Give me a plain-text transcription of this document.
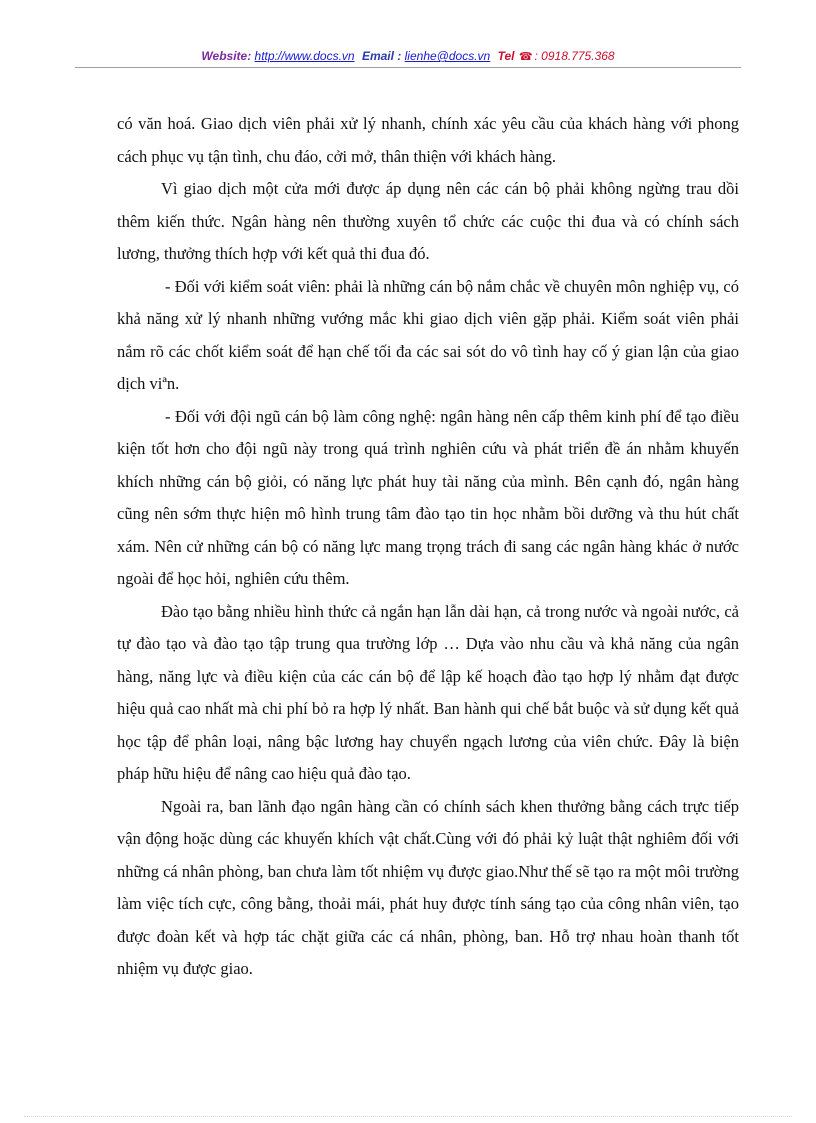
Website: http://www.docs.vn Email : lienhe@docs.vn Tel ☎ : 0918.775.368

có văn hoá. Giao dịch viên phải xử lý nhanh, chính xác yêu cầu của khách hàng với phong cách phục vụ tận tình, chu đáo, cởi mở, thân thiện với khách hàng.

Vì giao dịch một cửa mới được áp dụng nên các cán bộ phải không ngừng trau dồi thêm kiến thức. Ngân hàng nên thường xuyên tổ chức các cuộc thi đua và có chính sách lương, thưởng thích hợp với kết quả thi đua đó.

- Đối với kiểm soát viên: phải là những cán bộ nắm chắc về chuyên môn nghiệp vụ, có khả năng xử lý nhanh những vướng mắc khi giao dịch viên gặp phải. Kiểm soát viên phải nắm rõ các chốt kiểm soát để hạn chế tối đa các sai sót do vô tình hay cố ý gian lận của giao dịch viªn.

- Đối với đội ngũ cán bộ làm công nghệ: ngân hàng nên cấp thêm kinh phí để tạo điều kiện tốt hơn cho đội ngũ này trong quá trình nghiên cứu và phát triển đề án nhằm khuyến khích những cán bộ giỏi, có năng lực phát huy tài năng của mình. Bên cạnh đó, ngân hàng cũng nên sớm thực hiện mô hình trung tâm đào tạo tin học nhằm bồi dưỡng và thu hút chất xám. Nên cử những cán bộ có năng lực mang trọng trách đi sang các ngân hàng khác ở nước ngoài để học hỏi, nghiên cứu thêm.

Đào tạo bằng nhiều hình thức cả ngắn hạn lẫn dài hạn, cả trong nước và ngoài nước, cả tự đào tạo và đào tạo tập trung qua trường lớp … Dựa vào nhu cầu và khả năng của ngân hàng, năng lực và điều kiện của các cán bộ để lập kế hoạch đào tạo hợp lý nhằm đạt được hiệu quả cao nhất mà chi phí bỏ ra hợp lý nhất. Ban hành qui chế bắt buộc và sử dụng kết quả học tập để phân loại, nâng bậc lương hay chuyển ngạch lương của viên chức. Đây là biện pháp hữu hiệu để nâng cao hiệu quả đào tạo.

Ngoài ra, ban lãnh đạo ngân hàng cần có chính sách khen thưởng bằng cách trực tiếp vận động hoặc dùng các khuyến khích vật chất.Cùng với đó phải kỷ luật thật nghiêm đối với những cá nhân phòng, ban chưa làm tốt nhiệm vụ được giao.Như thế sẽ tạo ra một môi trường làm việc tích cực, công bằng, thoải mái, phát huy được tính sáng tạo của công nhân viên, tạo được đoàn kết và hợp tác chặt giữa các cá nhân, phòng, ban. Hỗ trợ nhau hoàn thanh tốt nhiệm vụ được giao.
